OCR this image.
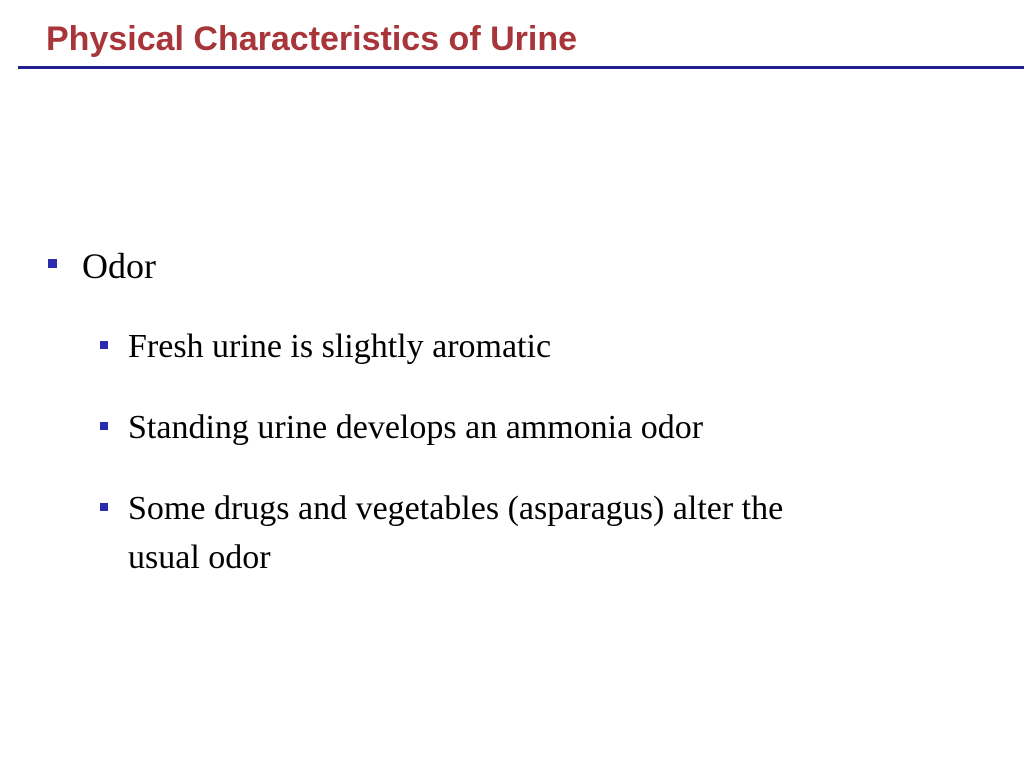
Physical Characteristics of Urine
Odor
Fresh urine is slightly aromatic
Standing urine develops an ammonia odor
Some drugs and vegetables (asparagus) alter the
usual odor
